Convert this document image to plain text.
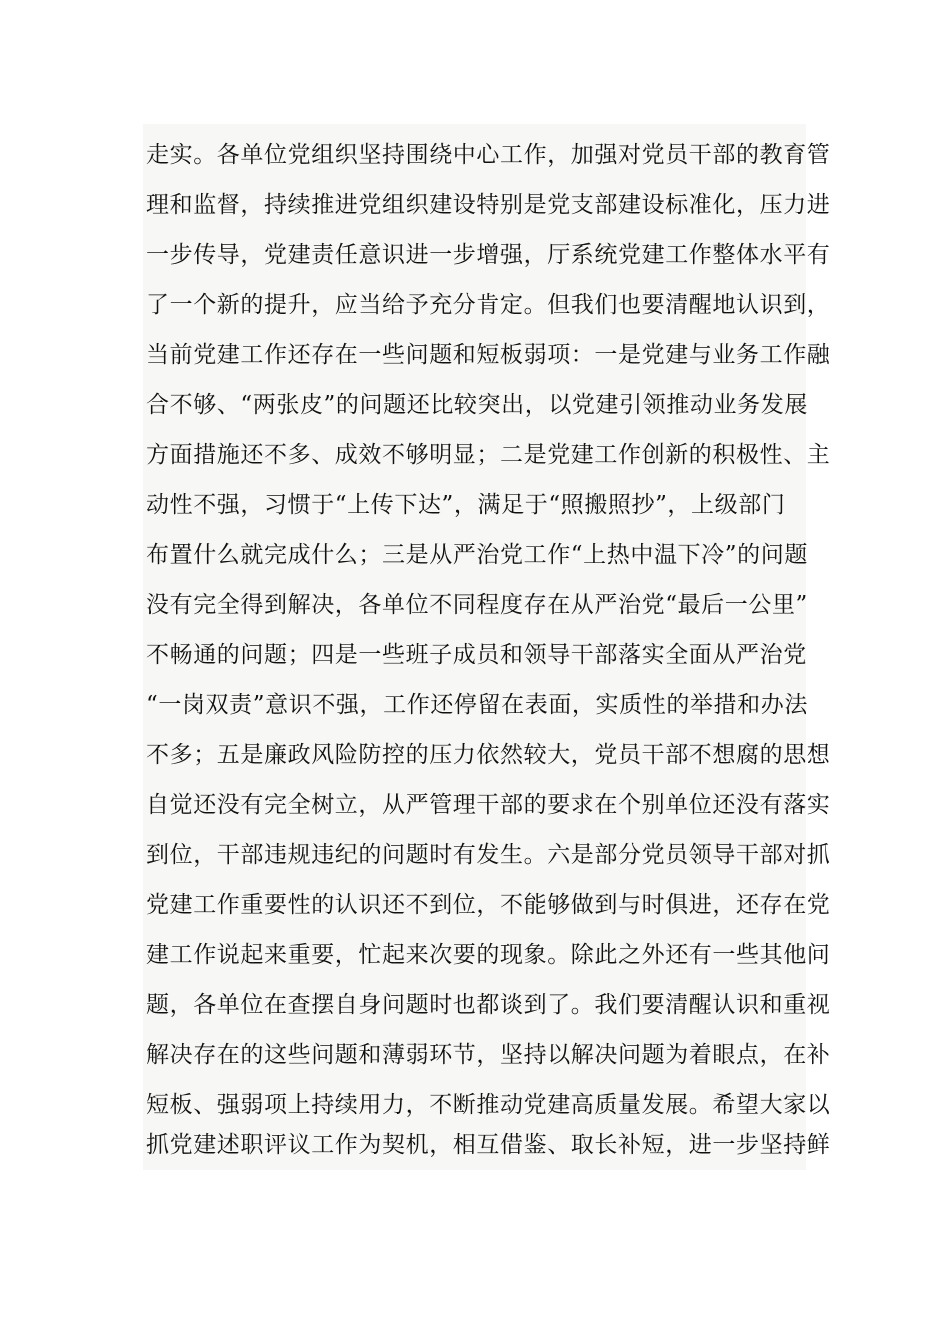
走实。各单位党组织坚持围绕中心工作，加强对党员干部的教育管
理和监督，持续推进党组织建设特别是党支部建设标准化，压力进
一步传导，党建责任意识进一步增强，厅系统党建工作整体水平有
了一个新的提升，应当给予充分肯定。但我们也要清醒地认识到，
当前党建工作还存在一些问题和短板弱项：一是党建与业务工作融
合不够、“两张皮”的问题还比较突出，以党建引领推动业务发展
方面措施还不多、成效不够明显；二是党建工作创新的积极性、主
动性不强，习惯于“上传下达”，满足于“照搬照抄”，上级部门
布置什么就完成什么；三是从严治党工作“上热中温下冷”的问题
没有完全得到解决，各单位不同程度存在从严治党“最后一公里”
不畅通的问题；四是一些班子成员和领导干部落实全面从严治党
“一岗双责”意识不强，工作还停留在表面，实质性的举措和办法
不多；五是廉政风险防控的压力依然较大，党员干部不想腐的思想
自觉还没有完全树立，从严管理干部的要求在个别单位还没有落实
到位，干部违规违纪的问题时有发生。六是部分党员领导干部对抓
党建工作重要性的认识还不到位，不能够做到与时俱进，还存在党
建工作说起来重要，忙起来次要的现象。除此之外还有一些其他问
题，各单位在查摆自身问题时也都谈到了。我们要清醒认识和重视
解决存在的这些问题和薄弱环节，坚持以解决问题为着眼点，在补
短板、强弱项上持续用力，不断推动党建高质量发展。希望大家以
抓党建述职评议工作为契机，相互借鉴、取长补短，进一步坚持鲜
